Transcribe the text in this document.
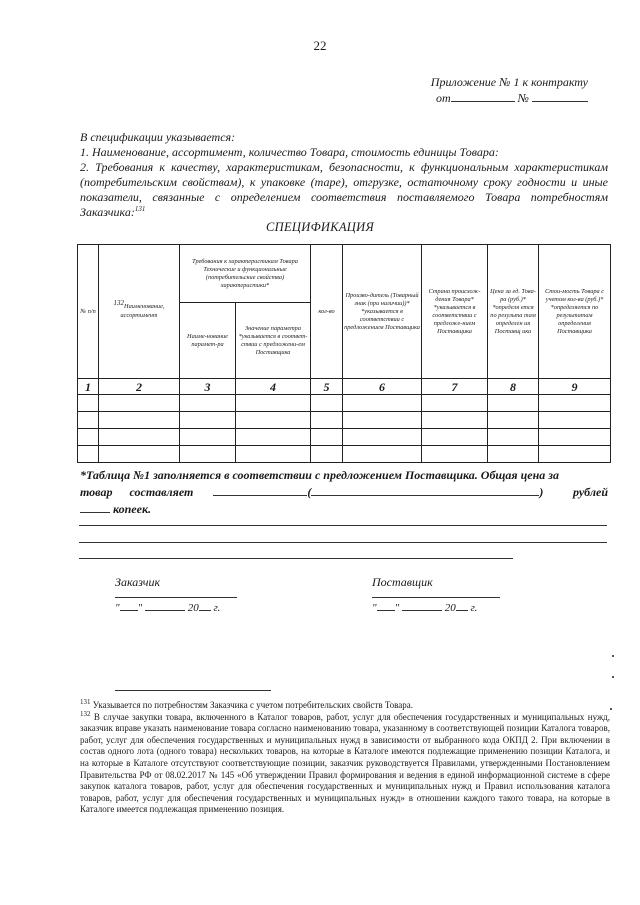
22
Приложение № 1 к контракту
от	№

В спецификации указывается:

1. Наименование, ассортимент, количество Товара, стоимость единицы Товара:

2. Требования к качеству, характеристикам, безопасности, к функциональным характеристикам (потребительским свойствам), к упаковке (таре), отгрузке, остаточному сроку годности и иные показатели, связанные с определением соответствия поставляемого Товара потребностям Заказчика:$^{131}$

СПЕЦИФИКАЦИЯ
№ п/п	$^{132}$Наименование, ассортимент	Требования к характеристикам Товара Технические и функциональные (потребительские свойства) характеристики*		кол-во	Произво-дитель (Товарный знак (при наличии))* *указывается в соответствии с предложением Поставщика	Страна происхож-дения Товара* *указывается в соответствии с предложе-нием Поставщика	Цена за ед. Това-ра (руб.)* *определя ется по результа там определен ия Поставщ ика	Стои-мость Товара с учетом кол-ва (руб.)* *определяется по результатам определения Поставщика
		Наиме-нование парамет-ра	Значение параметра *указывается в соответ-ствии с предложени-ем Поставщика					
1	2	3	4	5	6	7	8	9

*Таблица №1 заполняется в соответствии с предложением Поставщика. Общая цена за

товар составляет	(	) рублей

копеек.

Заказчик	Поставщик
" "	20 г.	" "	20 г.

$^{131}$ Указывается по потребностям Заказчика с учетом потребительских свойств Товара.

$^{132}$ В случае закупки товара, включенного в Каталог товаров, работ, услуг для обеспечения государственных и муниципальных нужд, заказчик вправе указать наименование товара согласно наименованию товара, указанному в соответствующей позиции Каталога товаров, работ, услуг для обеспечения государственных и муниципальных нужд в зависимости от выбранного кода ОКПД 2. При включении в состав одного лота (одного товара) нескольких товаров, на которые в Каталоге имеются подлежащие применению позиции Каталога, и на которые в Каталоге отсутствуют соответствующие позиции, заказчик руководствуется Правилами, утвержденными Постановлением Правительства РФ от 08.02.2017 № 145 «Об утверждении Правил формирования и ведения в единой информационной системе в сфере закупок каталога товаров, работ, услуг для обеспечения государственных и муниципальных нужд и Правил использования каталога товаров, работ, услуг для обеспечения государственных и муниципальных нужд» в отношении каждого такого товара, на которые в Каталоге имеется подлежащая применению позиция.
